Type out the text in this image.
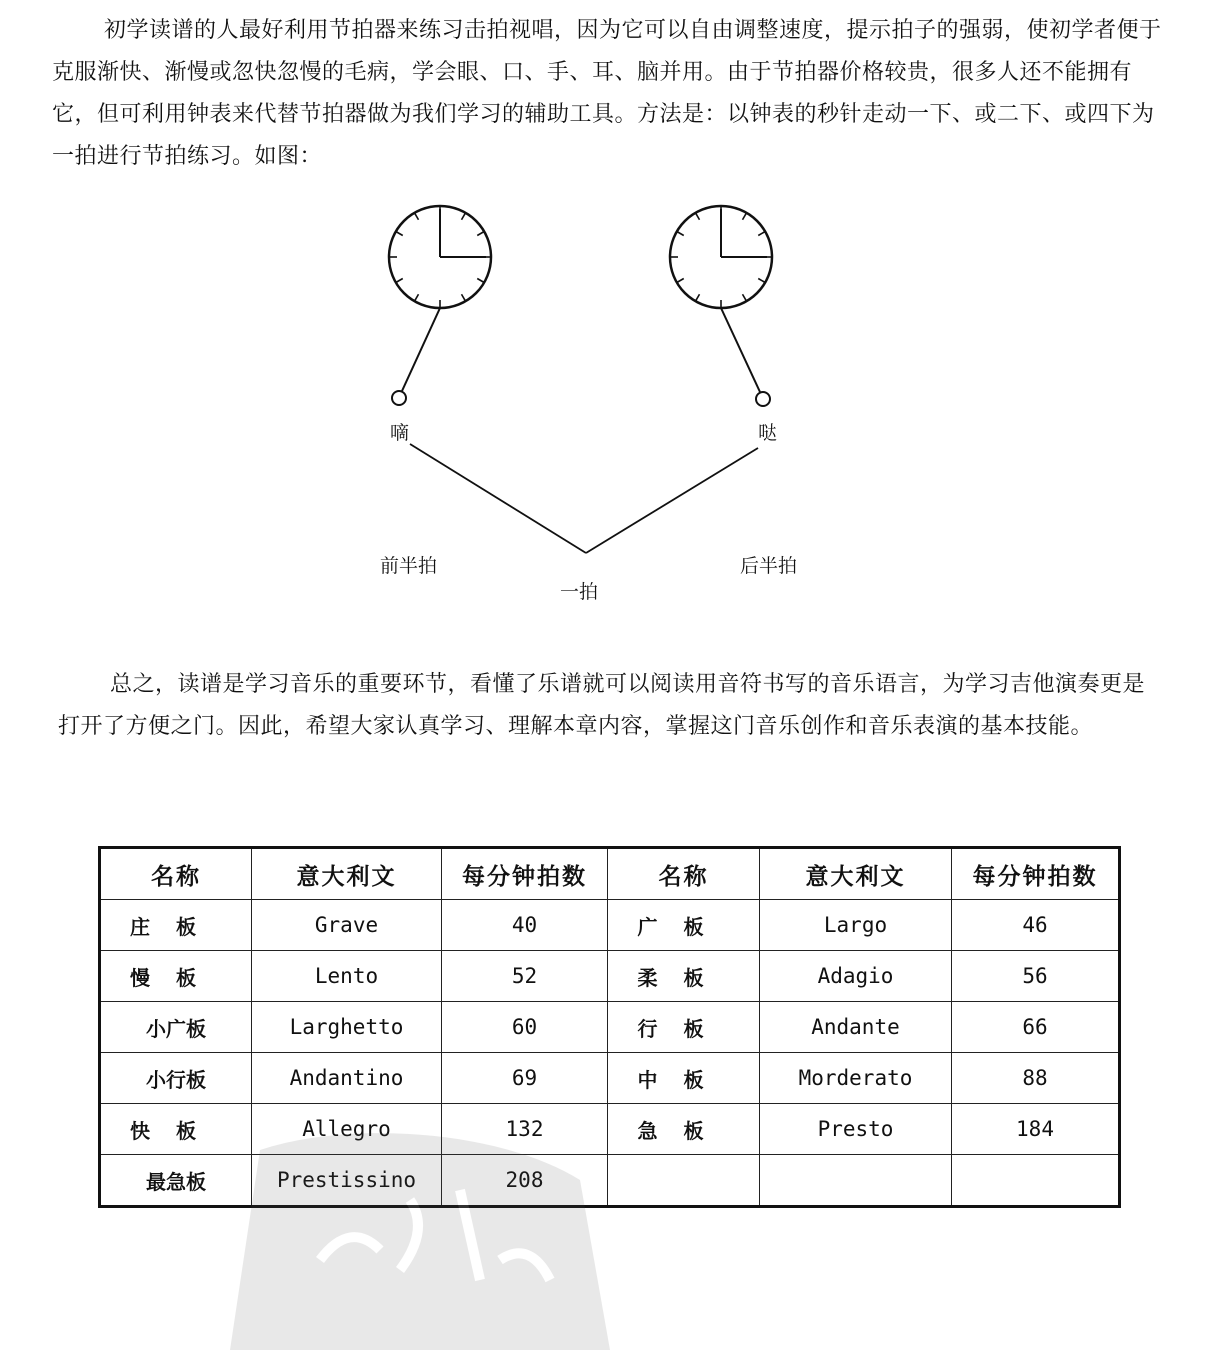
初学读谱的人最好利用节拍器来练习击拍视唱，因为它可以自由调整速度，提示拍子的强弱，使初学者便于克服渐快、渐慢或忽快忽慢的毛病，学会眼、口、手、耳、脑并用。由于节拍器价格较贵，很多人还不能拥有它，但可利用钟表来代替节拍器做为我们学习的辅助工具。方法是：以钟表的秒针走动一下、或二下、或四下为一拍进行节拍练习。如图：

嘀	哒
前半拍	后半拍
一拍

总之，读谱是学习音乐的重要环节，看懂了乐谱就可以阅读用音符书写的音乐语言，为学习吉他演奏更是打开了方便之门。因此，希望大家认真学习、理解本章内容，掌握这门音乐创作和音乐表演的基本技能。

名称	意大利文	每分钟拍数	名称	意大利文	每分钟拍数
庄板	Grave	40	广板	Largo	46
慢板	Lento	52	柔板	Adagio	56
小广板	Larghetto	60	行板	Andante	66
小行板	Andantino	69	中板	Morderato	88
快板	Allegro	132	急板	Presto	184
最急板	Prestissino	208			
